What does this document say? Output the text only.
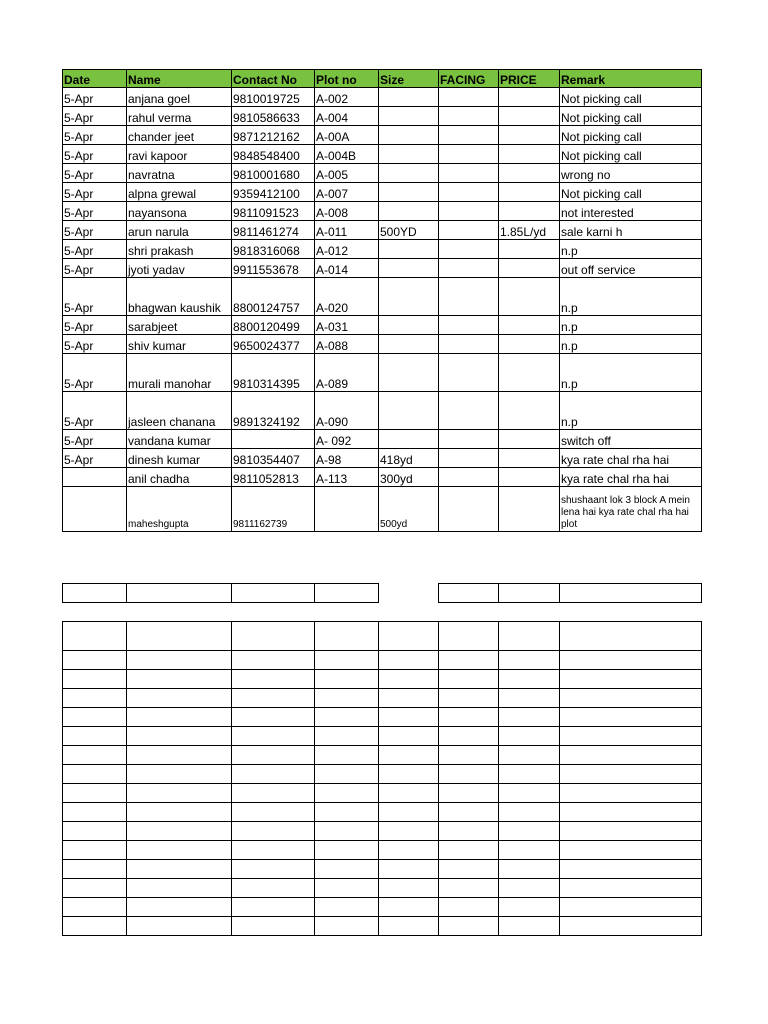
Date	Name	Contact No	Plot no	Size	FACING	PRICE	Remark
5-Apr	anjana goel	9810019725	A-002				Not picking call
5-Apr	rahul verma	9810586633	A-004				Not picking call
5-Apr	chander jeet	9871212162	A-00A				Not picking call
5-Apr	ravi kapoor	9848548400	A-004B				Not picking call
5-Apr	navratna	9810001680	A-005				wrong no
5-Apr	alpna grewal	9359412100	A-007				Not picking call
5-Apr	nayansona	9811091523	A-008				not interested
5-Apr	arun narula	9811461274	A-011	500YD		1.85L/yd	sale karni h
5-Apr	shri prakash	9818316068	A-012				n.p
5-Apr	jyoti yadav	9911553678	A-014				out off service
5-Apr	bhagwan kaushik	8800124757	A-020				n.p
5-Apr	sarabjeet	8800120499	A-031				n.p
5-Apr	shiv kumar	9650024377	A-088				n.p
5-Apr	murali manohar	9810314395	A-089				n.p
5-Apr	jasleen chanana	9891324192	A-090				n.p
5-Apr	vandana kumar		A- 092				switch off
5-Apr	dinesh kumar	9810354407	A-98	418yd			kya rate chal rha hai
	anil chadha	9811052813	A-113	300yd			kya rate chal rha hai
	maheshgupta	9811162739		500yd			shushaant lok 3 block A mein lena hai kya rate chal rha hai plot
